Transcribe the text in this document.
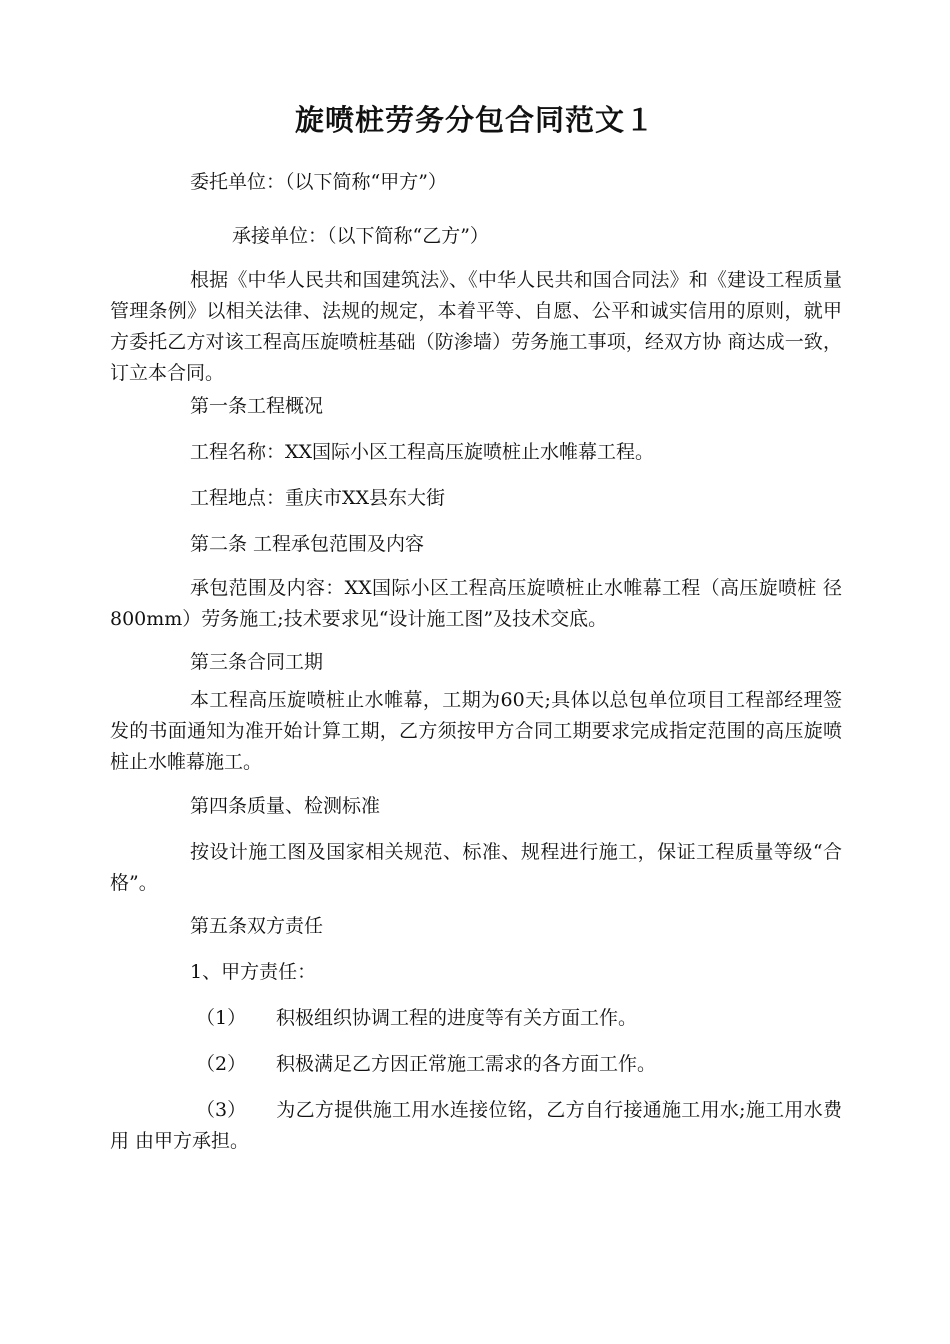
旋喷桩劳务分包合同范文１
委托单位：（以下简称“甲方”）
承接单位：（以下简称“乙方”）
根据《中华人民共和国建筑法》、《中华人民共和国合同法》和《建设工程质量管理条例》以相关法律、法规的规定，本着平等、自愿、公平和诚实信用的原则，就甲方委托乙方对该工程高压旋喷桩基础（防渗墙）劳务施工事项，经双方协 商达成一致，订立本合同。
第一条工程概况
工程名称：XX国际小区工程高压旋喷桩止水帷幕工程。
工程地点：重庆市XX县东大街
第二条 工程承包范围及内容
承包范围及内容：XX国际小区工程高压旋喷桩止水帷幕工程（高压旋喷桩 径800mm）劳务施工;技术要求见“设计施工图”及技术交底。
第三条合同工期
本工程高压旋喷桩止水帷幕，工期为60天;具体以总包单位项目工程部经理签发的书面通知为准开始计算工期，乙方须按甲方合同工期要求完成指定范围的高压旋喷桩止水帷幕施工。
第四条质量、检测标准
按设计施工图及国家相关规范、标准、规程进行施工，保证工程质量等级“合格”。
第五条双方责任
1、甲方责任：
（1） 积极组织协调工程的进度等有关方面工作。
（2） 积极满足乙方因正常施工需求的各方面工作。
（3） 为乙方提供施工用水连接位铭，乙方自行接通施工用水;施工用水费用 由甲方承担。
